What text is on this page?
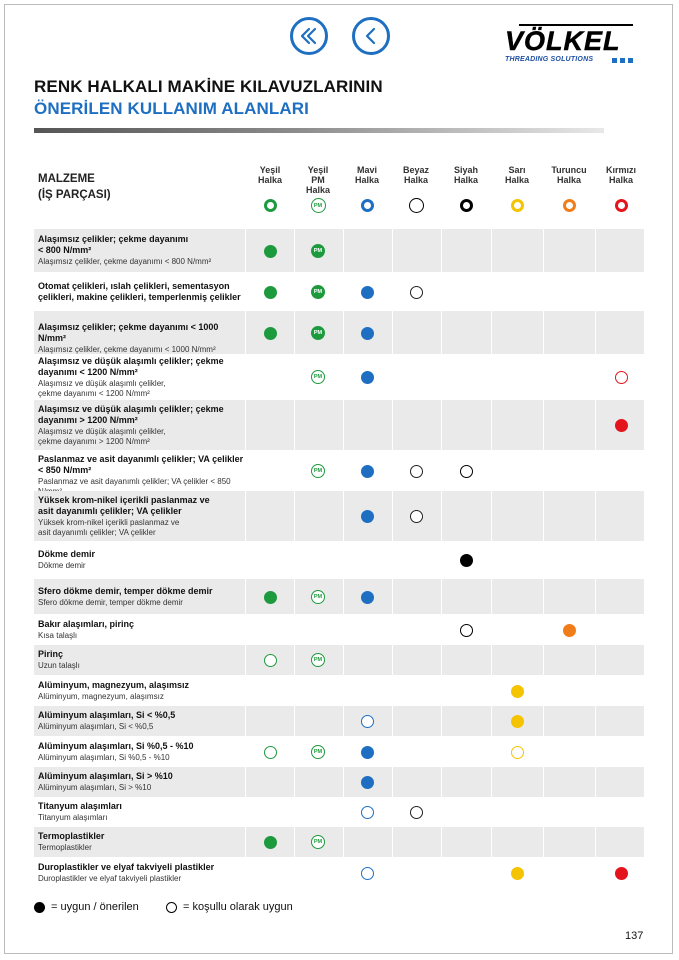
VÖLKEL
THREADING SOLUTIONS
RENK HALKALI MAKİNE KILAVUZLARININ
ÖNERİLEN KULLANIM ALANLARI
MALZEME
(İŞ PARÇASI)
Yeşil
Halka
Yeşil
PM
Halka
PM
Mavi
Halka
Beyaz
Halka
Siyah
Halka
Sarı
Halka
Turuncu
Halka
Kırmızı
Halka
Alaşımsız çelikler; çekme dayanımı
< 800 N/mm²
Alaşımsız çelikler, çekme dayanımı < 800 N/mm²
PM
Otomat çelikleri, ıslah çelikleri, sementasyon
çelikleri, makine çelikleri, temperlenmiş çelikler	PM
Alaşımsız çelikler; çekme dayanımı < 1000 N/mm²
Alaşımsız çelikler, çekme dayanımı < 1000 N/mm²
PM
Alaşımsız ve düşük alaşımlı çelikler; çekme
dayanımı < 1200 N/mm²
Alaşımsız ve düşük alaşımlı çelikler,
çekme dayanımı < 1200 N/mm²
PM
Alaşımsız ve düşük alaşımlı çelikler; çekme
dayanımı > 1200 N/mm²
Alaşımsız ve düşük alaşımlı çelikler,
çekme dayanımı > 1200 N/mm²
Paslanmaz ve asit dayanımlı çelikler; VA çelikler
< 850 N/mm²
Paslanmaz ve asit dayanımlı çelikler; VA çelikler < 850
PM
Yüksek krom-nikel içerikli paslanmaz ve
asit dayanımlı çelikler; VA çelikler
Yüksek krom-nikel içerikli paslanmaz ve
asit dayanımlı çelikler; VA çelikler
Dökme demir
Dökme demir
Sfero dökme demir, temper dökme demir
Sfero dökme demir, temper dökme demir
PM
Bakır alaşımları, pirinç
Kısa talaşlı
Pirinç
Uzun talaşlı
PM
Alüminyum, magnezyum, alaşımsız
Alüminyum, magnezyum, alaşımsız
Alüminyum alaşımları, Si < %0,5
Alüminyum alaşımları, Si < %0,5
Alüminyum alaşımları, Si %0,5 - %10
Alüminyum alaşımları, Si %0,5 - %10
PM
Alüminyum alaşımları, Si > %10
Alüminyum alaşımları, Si > %10
Titanyum alaşımları
Titanyum alaşımları
Termoplastikler
Termoplastikler
PM
Duroplastikler ve elyaf takviyeli plastikler
Duroplastikler ve elyaf takviyeli plastikler
= uygun / önerilen	= koşullu olarak uygun
137
